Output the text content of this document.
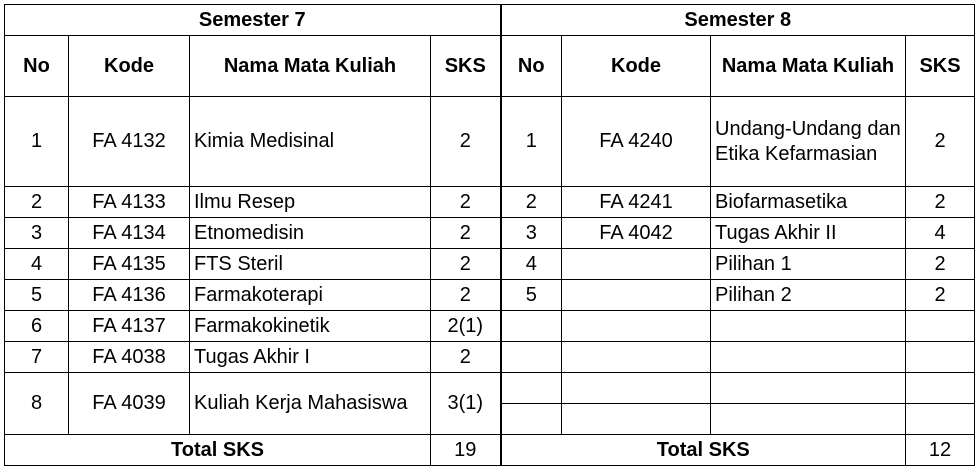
Semester 7				Semester 8			
No	Kode	Nama Mata Kuliah	SKS	No	Kode	Nama Mata Kuliah	SKS
1	FA 4132	Kimia Medisinal	2	1	FA 4240	Undang-Undang dan Etika Kefarmasian	2
2	FA 4133	Ilmu Resep	2	2	FA 4241	Biofarmasetika	2
3	FA 4134	Etnomedisin	2	3	FA 4042	Tugas Akhir II	4
4	FA 4135	FTS Steril	2	4		Pilihan 1	2
5	FA 4136	Farmakoterapi	2	5		Pilihan 2	2
6	FA 4137	Farmakokinetik	2(1)				
7	FA 4038	Tugas Akhir I	2				
8	FA 4039	Kuliah Kerja Mahasiswa	3(1)				

Total SKS			19	Total SKS			12
